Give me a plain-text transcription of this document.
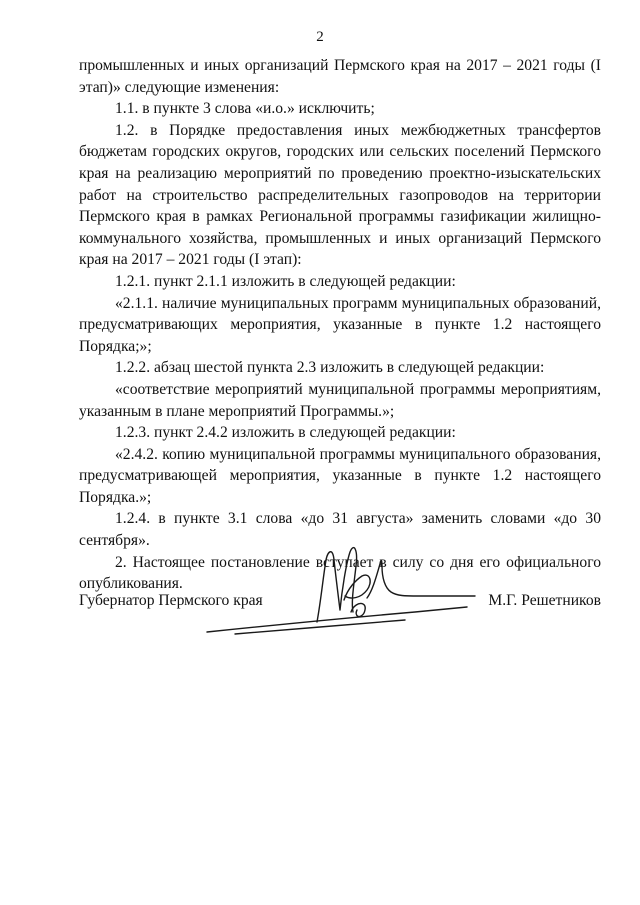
2

промышленных и иных организаций Пермского края на 2017 – 2021 годы (I этап)» следующие изменения:

1.1. в пункте 3 слова «и.о.» исключить;

1.2. в Порядке предоставления иных межбюджетных трансфертов бюджетам городских округов, городских или сельских поселений Пермского края на реализацию мероприятий по проведению проектно-изыскательских работ на строительство распределительных газопроводов на территории Пермского края в рамках Региональной программы газификации жилищно-коммунального хозяйства, промышленных и иных организаций Пермского края на 2017 – 2021 годы (I этап):

1.2.1. пункт 2.1.1 изложить в следующей редакции:

«2.1.1. наличие муниципальных программ муниципальных образований, предусматривающих мероприятия, указанные в пункте 1.2 настоящего Порядка;»;

1.2.2. абзац шестой пункта 2.3 изложить в следующей редакции:

«соответствие мероприятий муниципальной программы мероприятиям, указанным в плане мероприятий Программы.»;

1.2.3. пункт 2.4.2 изложить в следующей редакции:

«2.4.2. копию муниципальной программы муниципального образования, предусматривающей мероприятия, указанные в пункте 1.2 настоящего Порядка.»;

1.2.4. в пункте 3.1 слова «до 31 августа» заменить словами «до 30 сентября».

2. Настоящее постановление вступает в силу со дня его официального опубликования.

Губернатор Пермского края	М.Г. Решетников
